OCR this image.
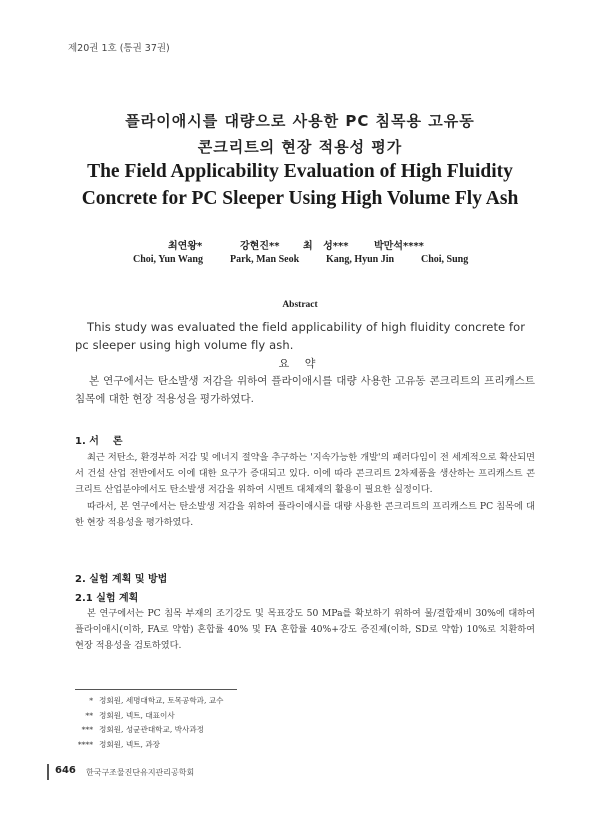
제20권 1호 (통권 37권)
플라이애시를 대량으로 사용한 PC 침목용 고유동
콘크리트의 현장 적용성 평가
The Field Applicability Evaluation of High Fluidity
Concrete for PC Sleeper Using High Volume Fly Ash
최연왕*
Choi, Yun Wang
강현진**
Park, Man Seok
최   성***
Kang, Hyun Jin
박만석****
Choi, Sung
Abstract
This study was evaluated the field applicability of high fluidity concrete for pc sleeper using high volume fly ash.
요 약
본 연구에서는 탄소발생 저감을 위하여 플라이애시를 대량 사용한 고유동 콘크리트의 프리캐스트 침목에 대한 현장 적용성을 평가하였다.
1. 서    론

최근 저탄소, 환경부하 저감 및 에너지 절약을 추구하는 '지속가능한 개발'의 패러다임이 전 세계적으로 확산되면서 건설 산업 전반에서도 이에 대한 요구가 증대되고 있다. 이에 따라 콘크리트 2차제품을 생산하는 프리캐스트 콘크리트 산업분야에서도 탄소발생 저감을 위하여 시멘트 대체재의 활용이 필요한 실정이다.

따라서, 본 연구에서는 탄소발생 저감을 위하여 플라이애시를 대량 사용한 콘크리트의 프리캐스트 PC 침목에 대한 현장 적용성을 평가하였다.

2. 실험 계획 및 방법
2.1 실험 계획

본 연구에서는 PC 침목 부재의 조기강도 및 목표강도 50 MPa를 확보하기 위하여 물/결합재비 30%에 대하여 플라이애시(이하, FA로 약함) 혼합률 40% 및 FA 혼합률 40%+강도 증진제(이하, SD로 약함) 10%로 치환하여 현장 적용성을 검토하였다.

* 정회원, 세명대학교, 토목공학과, 교수
** 정회원, 넥트, 대표이사
*** 정회원, 성균관대학교, 박사과정
**** 정회원, 넥트, 과장
646 한국구조물진단유지관리공학회
